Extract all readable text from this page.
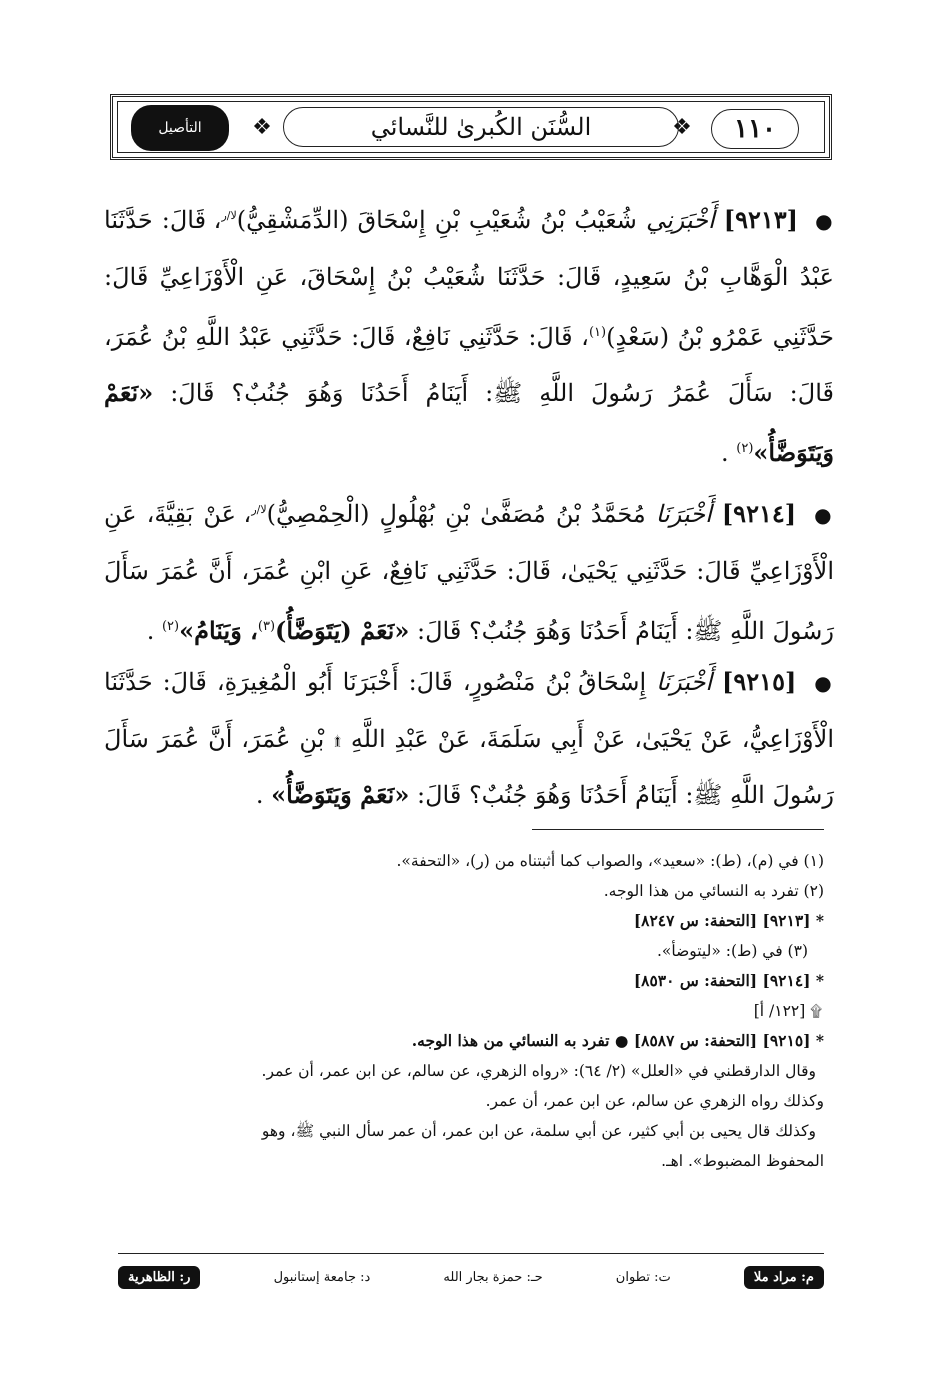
التأصيل	❖	❖
السُّنَن الكُبرىٰ للنَّسائي	١١٠
● [٩٢١٣] أَخْبَرَنِي شُعَيْبُ بْنُ شُعَيْبِ بْنِ إِسْحَاقَ (الدِّمَشْقِيُّ)$^{لا/ر}$، قَالَ: حَدَّثَنَا عَبْدُ الْوَهَّابِ بْنُ سَعِيدٍ، قَالَ: حَدَّثَنَا شُعَيْبُ بْنُ إِسْحَاقَ، عَنِ الْأَوْزَاعِيِّ قَالَ: حَدَّثَنِي عَمْرُو بْنُ (سَعْدٍ)$^{(١)}$، قَالَ: حَدَّثَنِي نَافِعٌ، قَالَ: حَدَّثَنِي عَبْدُ اللَّهِ بْنُ عُمَرَ، قَالَ: سَأَلَ عُمَرُ رَسُولَ اللَّهِ ﷺ: أَيَنَامُ أَحَدُنَا وَهُوَ جُنُبٌ؟ قَالَ: «نَعَمْ وَيَتَوَضَّأُ»$^{(٢)}$ .
● [٩٢١٤] أَخْبَرَنَا مُحَمَّدُ بْنُ مُصَفَّىٰ بْنِ بُهْلُولٍ (الْحِمْصِيُّ)$^{لا/ر}$، عَنْ بَقِيَّةَ، عَنِ الْأَوْزَاعِيِّ قَالَ: حَدَّثَنِي يَحْيَىٰ، قَالَ: حَدَّثَنِي نَافِعٌ، عَنِ ابْنِ عُمَرَ، أَنَّ عُمَرَ سَأَلَ رَسُولَ اللَّهِ ﷺ: أَيَنَامُ أَحَدُنَا وَهُوَ جُنُبٌ؟ قَالَ: «نَعَمْ (يَتَوَضَّأُ)$^{(٣)}$، وَيَنَامُ»$^{(٢)}$ .
● [٩٢١٥] أَخْبَرَنَا إِسْحَاقُ بْنُ مَنْصُورٍ، قَالَ: أَخْبَرَنَا أَبُو الْمُغِيرَةِ، قَالَ: حَدَّثَنَا الْأَوْزَاعِيُّ، عَنْ يَحْيَىٰ، عَنْ أَبِي سَلَمَةَ، عَنْ عَبْدِ اللَّهِ ۩ بْنِ عُمَرَ، أَنَّ عُمَرَ سَأَلَ رَسُولَ اللَّهِ ﷺ: أَيَنَامُ أَحَدُنَا وَهُوَ جُنُبٌ؟ قَالَ: «نَعَمْ وَيَتَوَضَّأُ» .
(١) في (م)، (ط): «سعيد»، والصواب كما أثبتناه من (ر)، «التحفة».
(٢) تفرد به النسائي من هذا الوجه.
* [٩٢١٣] [التحفة: س ٨٢٤٧]
(٣) في (ط): «ليتوضأ».
* [٩٢١٤] [التحفة: س ٨٥٣٠]
۩ [١٢٢/ أ]
* [٩٢١٥] [التحفة: س ٨٥٨٧] ● تفرد به النسائي من هذا الوجه.
وقال الدارقطني في «العلل» (٢/ ٦٤): «رواه الزهري، عن سالم، عن ابن عمر، أن عمر.
وكذلك رواه الزهري عن سالم، عن ابن عمر، أن عمر.
وكذلك قال يحيى بن أبي كثير، عن أبي سلمة، عن ابن عمر، أن عمر سأل النبي ﷺ، وهو
المحفوظ المضبوط». اهـ.
م: مراد ملا
ت: تطوان
حـ: حمزة بجار الله
د: جامعة إستانبول
ر: الظاهرية
